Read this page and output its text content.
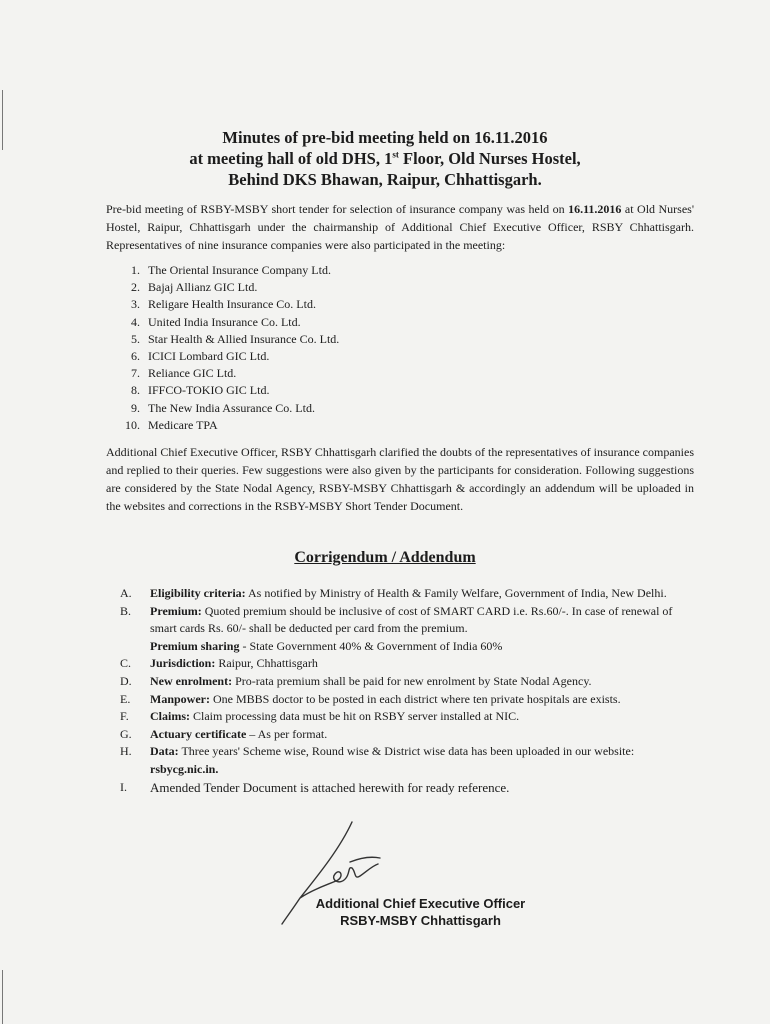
Minutes of pre-bid meeting held on 16.11.2016
at meeting hall of old DHS, 1st Floor, Old Nurses Hostel,
Behind DKS Bhawan, Raipur, Chhattisgarh.
Pre-bid meeting of RSBY-MSBY short tender for selection of insurance company was held on 16.11.2016 at Old Nurses' Hostel, Raipur, Chhattisgarh under the chairmanship of Additional Chief Executive Officer, RSBY Chhattisgarh. Representatives of nine insurance companies were also participated in the meeting:
1. The Oriental Insurance Company Ltd.
2. Bajaj Allianz GIC Ltd.
3. Religare Health Insurance Co. Ltd.
4. United India Insurance Co. Ltd.
5. Star Health & Allied Insurance Co. Ltd.
6. ICICI Lombard GIC Ltd.
7. Reliance GIC Ltd.
8. IFFCO-TOKIO GIC Ltd.
9. The New India Assurance Co. Ltd.
10. Medicare TPA
Additional Chief Executive Officer, RSBY Chhattisgarh clarified the doubts of the representatives of insurance companies and replied to their queries. Few suggestions were also given by the participants for consideration. Following suggestions are considered by the State Nodal Agency, RSBY-MSBY Chhattisgarh & accordingly an addendum will be uploaded in the websites and corrections in the RSBY-MSBY Short Tender Document.
Corrigendum / Addendum
A.	Eligibility criteria: As notified by Ministry of Health & Family Welfare, Government of India, New Delhi.
B.	Premium: Quoted premium should be inclusive of cost of SMART CARD i.e. Rs.60/-. In case of renewal of smart cards Rs. 60/- shall be deducted per card from the premium.
Premium sharing - State Government 40% & Government of India 60%
C.	Jurisdiction: Raipur, Chhattisgarh
D.	New enrolment: Pro-rata premium shall be paid for new enrolment by State Nodal Agency.
E.	Manpower: One MBBS doctor to be posted in each district where ten private hospitals are exists.
F.	Claims: Claim processing data must be hit on RSBY server installed at NIC.
G.	Actuary certificate – As per format.
H.	Data: Three years' Scheme wise, Round wise & District wise data has been uploaded in our website: rsbycg.nic.in.
I.	Amended Tender Document is attached herewith for ready reference.
Additional Chief Executive Officer
RSBY-MSBY Chhattisgarh
